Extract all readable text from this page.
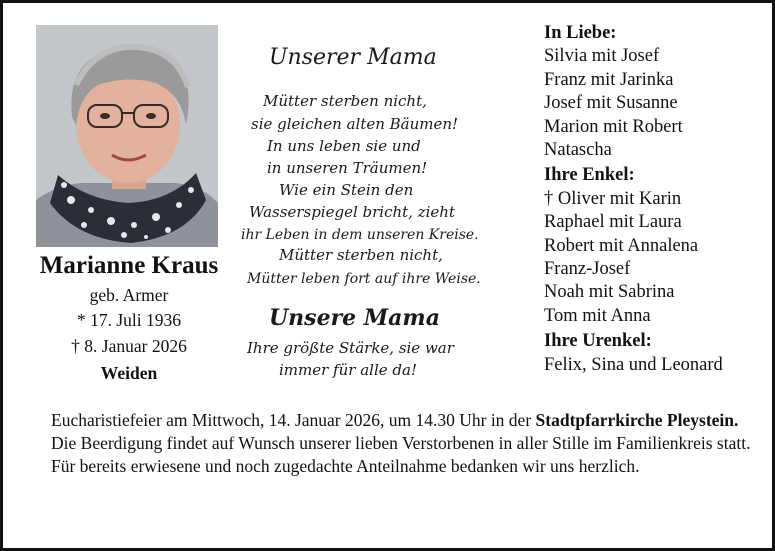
Marianne Kraus
geb. Armer
* 17. Juli 1936
† 8. Januar 2026
Weiden
Unserer Mama
Mütter sterben nicht,
sie gleichen alten Bäumen!
In uns leben sie und
in unseren Träumen!
Wie ein Stein den
Wasserspiegel bricht, zieht
ihr Leben in dem unseren Kreise.
Mütter sterben nicht,
Mütter leben fort auf ihre Weise.
Unsere Mama
Ihre größte Stärke, sie war
immer für alle da!
In Liebe:
Silvia mit Josef
Franz mit Jarinka
Josef mit Susanne
Marion mit Robert
Natascha
Ihre Enkel:
† Oliver mit Karin
Raphael mit Laura
Robert mit Annalena
Franz-Josef
Noah mit Sabrina
Tom mit Anna
Ihre Urenkel:
Felix, Sina und Leonard
Eucharistiefeier am Mittwoch, 14. Januar 2026, um 14.30 Uhr in der Stadtpfarrkirche Pleystein.
Die Beerdigung findet auf Wunsch unserer lieben Verstorbenen in aller Stille im Familienkreis statt.
Für bereits erwiesene und noch zugedachte Anteilnahme bedanken wir uns herzlich.
